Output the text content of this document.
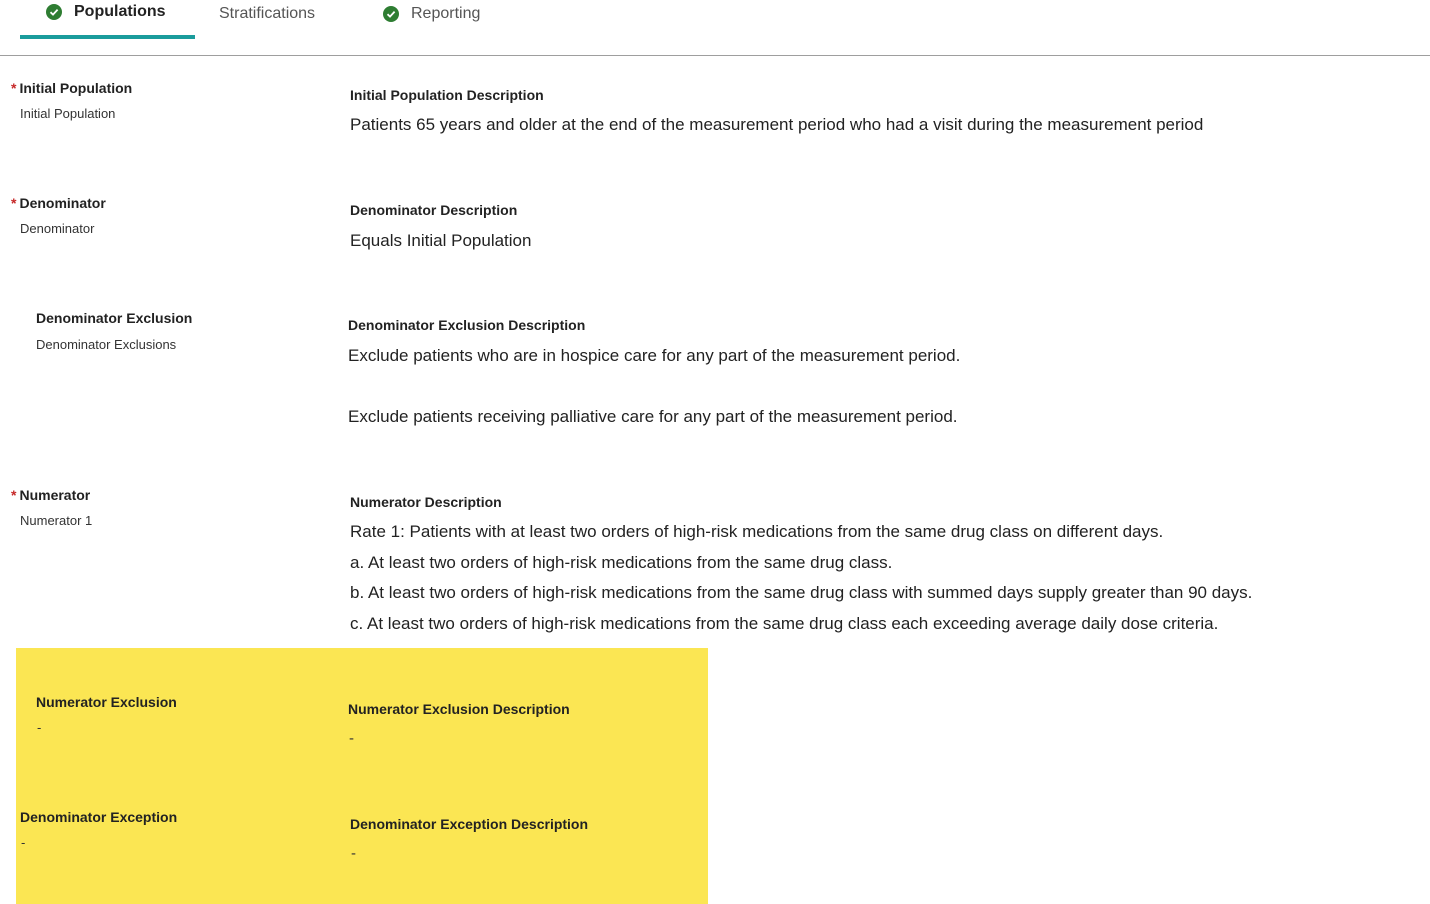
Populations	Stratifications	Reporting
* Initial Population
Initial Population
Initial Population Description
Patients 65 years and older at the end of the measurement period who had a visit during the measurement period
* Denominator
Denominator
Denominator Description
Equals Initial Population
Denominator Exclusion
Denominator Exclusions
Denominator Exclusion Description
Exclude patients who are in hospice care for any part of the measurement period.
Exclude patients receiving palliative care for any part of the measurement period.
* Numerator
Numerator 1
Numerator Description
Rate 1: Patients with at least two orders of high-risk medications from the same drug class on different days.
a. At least two orders of high-risk medications from the same drug class.
b. At least two orders of high-risk medications from the same drug class with summed days supply greater than 90 days.
c. At least two orders of high-risk medications from the same drug class each exceeding average daily dose criteria.
Numerator Exclusion
-
Numerator Exclusion Description
-
Denominator Exception
-
Denominator Exception Description
-
